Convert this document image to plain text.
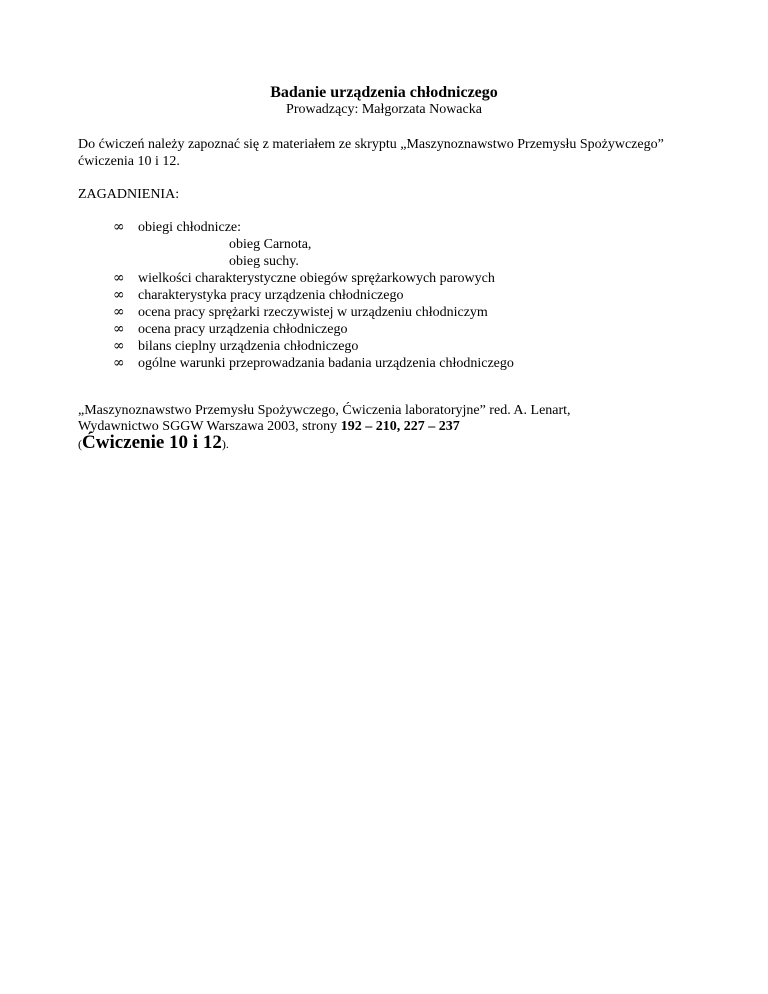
Badanie urządzenia chłodniczego
Prowadzący: Małgorzata Nowacka
Do ćwiczeń należy zapoznać się z materiałem ze skryptu „Maszynoznawstwo Przemysłu Spożywczego” ćwiczenia 10 i 12.
ZAGADNIENIA:
∞ obiegi chłodnicze:
obieg Carnota,
obieg suchy.
∞ wielkości charakterystyczne obiegów sprężarkowych parowych
∞ charakterystyka pracy urządzenia chłodniczego
∞ ocena pracy sprężarki rzeczywistej w urządzeniu chłodniczym
∞ ocena pracy urządzenia chłodniczego
∞ bilans cieplny urządzenia chłodniczego
∞ ogólne warunki przeprowadzania badania urządzenia chłodniczego
„Maszynoznawstwo Przemysłu Spożywczego, Ćwiczenia laboratoryjne” red. A. Lenart,
Wydawnictwo SGGW Warszawa 2003, strony 192 – 210, 227 – 237
(Ćwiczenie 10 i 12).
